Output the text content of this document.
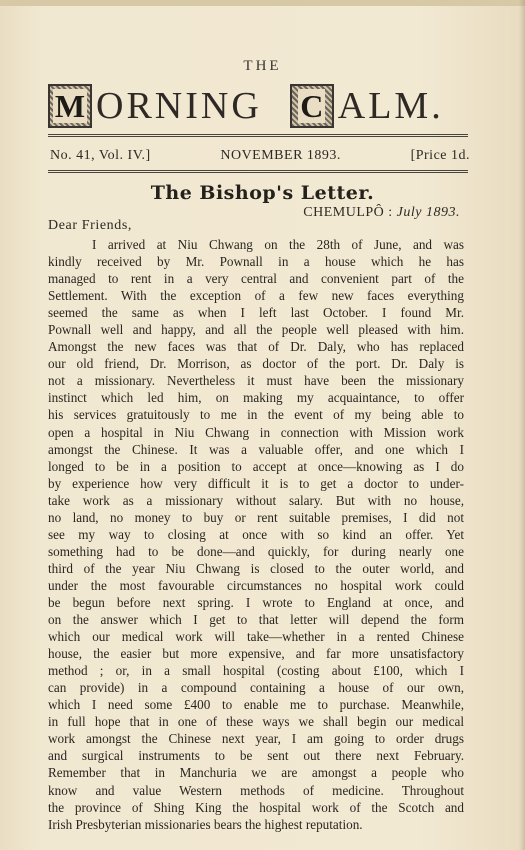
THE
M ORNING C ALM.
No. 41, Vol. IV.]	NOVEMBER 1893.	[Price 1d.
The Bishop's Letter.
CHEMULPÔ : July 1893.
Dear Friends,
I arrived at Niu Chwang on the 28th of June, and was
kindly received by Mr. Pownall in a house which he has
managed to rent in a very central and convenient part of the
Settlement. With the exception of a few new faces everything
seemed the same as when I left last October. I found Mr.
Pownall well and happy, and all the people well pleased with him.
Amongst the new faces was that of Dr. Daly, who has replaced
our old friend, Dr. Morrison, as doctor of the port. Dr. Daly is
not a missionary. Nevertheless it must have been the missionary
instinct which led him, on making my acquaintance, to offer
his services gratuitously to me in the event of my being able to
open a hospital in Niu Chwang in connection with Mission work
amongst the Chinese. It was a valuable offer, and one which I
longed to be in a position to accept at once—knowing as I do
by experience how very difficult it is to get a doctor to under-
take work as a missionary without salary. But with no house,
no land, no money to buy or rent suitable premises, I did not
see my way to closing at once with so kind an offer. Yet
something had to be done—and quickly, for during nearly one
third of the year Niu Chwang is closed to the outer world, and
under the most favourable circumstances no hospital work could
be begun before next spring. I wrote to England at once, and
on the answer which I get to that letter will depend the form
which our medical work will take—whether in a rented Chinese
house, the easier but more expensive, and far more unsatisfactory
method ; or, in a small hospital (costing about £100, which I
can provide) in a compound containing a house of our own,
which I need some £400 to enable me to purchase. Meanwhile,
in full hope that in one of these ways we shall begin our medical
work amongst the Chinese next year, I am going to order drugs
and surgical instruments to be sent out there next February.
Remember that in Manchuria we are amongst a people who
know and value Western methods of medicine. Throughout
the province of Shing King the hospital work of the Scotch and
Irish Presbyterian missionaries bears the highest reputation.
